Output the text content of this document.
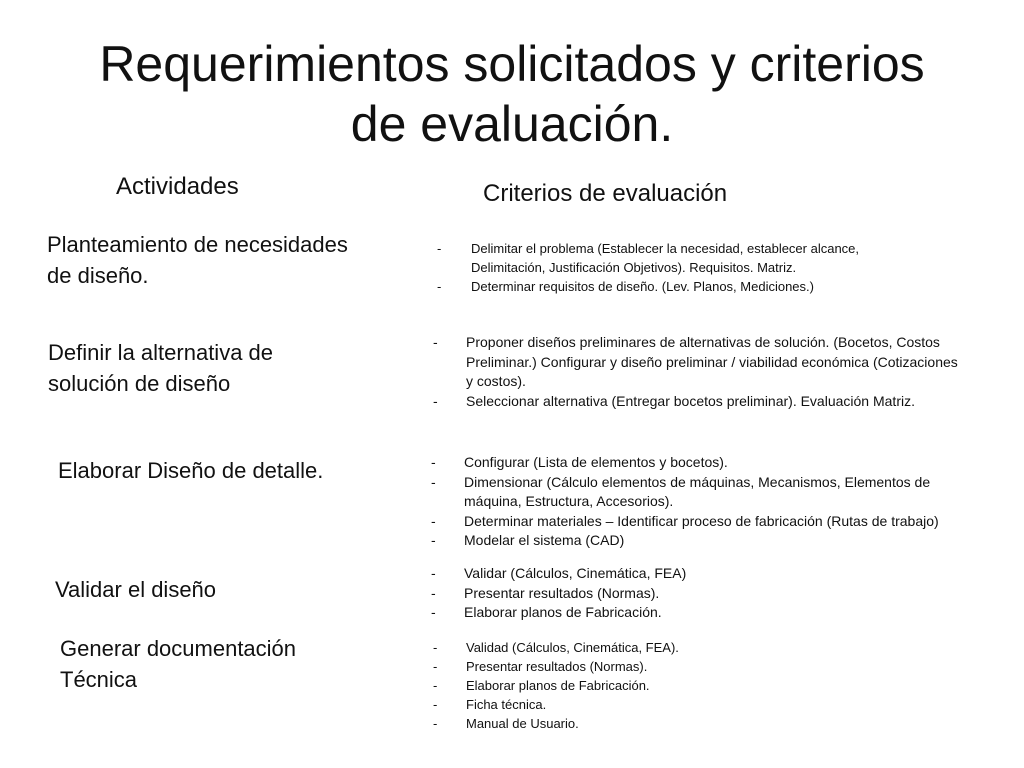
Requerimientos solicitados y criterios
de evaluación.
Actividades	Criterios de evaluación
Planteamiento de necesidades
de diseño.
- Delimitar el problema (Establecer la necesidad, establecer alcance,
Delimitación, Justificación Objetivos). Requisitos. Matriz.
- Determinar requisitos de diseño. (Lev. Planos, Mediciones.)
Definir la alternativa de
solución de diseño
- Proponer diseños preliminares de alternativas de solución. (Bocetos, Costos
Preliminar.) Configurar y diseño preliminar / viabilidad económica (Cotizaciones
y costos).
- Seleccionar alternativa (Entregar bocetos preliminar). Evaluación Matriz.
Elaborar Diseño de detalle.	- Configurar (Lista de elementos y bocetos).
- Dimensionar (Cálculo elementos de máquinas, Mecanismos, Elementos de
máquina, Estructura, Accesorios).
- Determinar materiales – Identificar proceso de fabricación (Rutas de trabajo)
- Modelar el sistema (CAD)
Validar el diseño
- Validar (Cálculos, Cinemática, FEA)
- Presentar resultados (Normas).
- Elaborar planos de Fabricación.
Generar documentación
Técnica
- Validad (Cálculos, Cinemática, FEA).
- Presentar resultados (Normas).
- Elaborar planos de Fabricación.
- Ficha técnica.
- Manual de Usuario.
